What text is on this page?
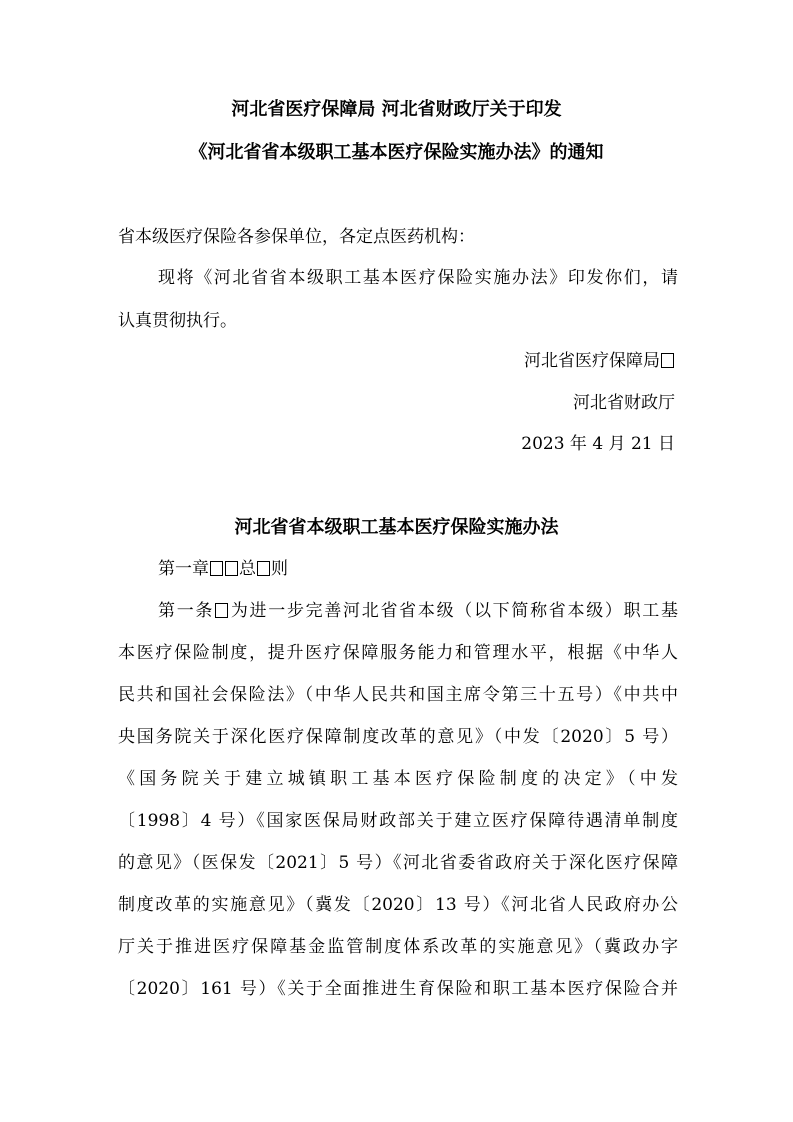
河北省医疗保障局 河北省财政厅关于印发
《河北省省本级职工基本医疗保险实施办法》的通知
省本级医疗保险各参保单位，各定点医药机构：
现将《河北省省本级职工基本医疗保险实施办法》印发你们，请
认真贯彻执行。
河北省医疗保障局
河北省财政厅
2023 年 4 月 21 日
河北省省本级职工基本医疗保险实施办法
第一章 总 则
第一条 为进一步完善河北省省本级（以下简称省本级）职工基
本医疗保险制度，提升医疗保障服务能力和管理水平，根据《中华人
民共和国社会保险法》（中华人民共和国主席令第三十五号）《中共中
央国务院关于深化医疗保障制度改革的意见》（中发〔2020〕5 号）
《国务院关于建立城镇职工基本医疗保险制度的决定》（中发
〔1998〕4 号）《国家医保局财政部关于建立医疗保障待遇清单制度
的意见》（医保发〔2021〕5 号）《河北省委省政府关于深化医疗保障
制度改革的实施意见》（冀发〔2020〕13 号）《河北省人民政府办公
厅关于推进医疗保障基金监管制度体系改革的实施意见》（冀政办字
〔2020〕161 号）《关于全面推进生育保险和职工基本医疗保险合并
